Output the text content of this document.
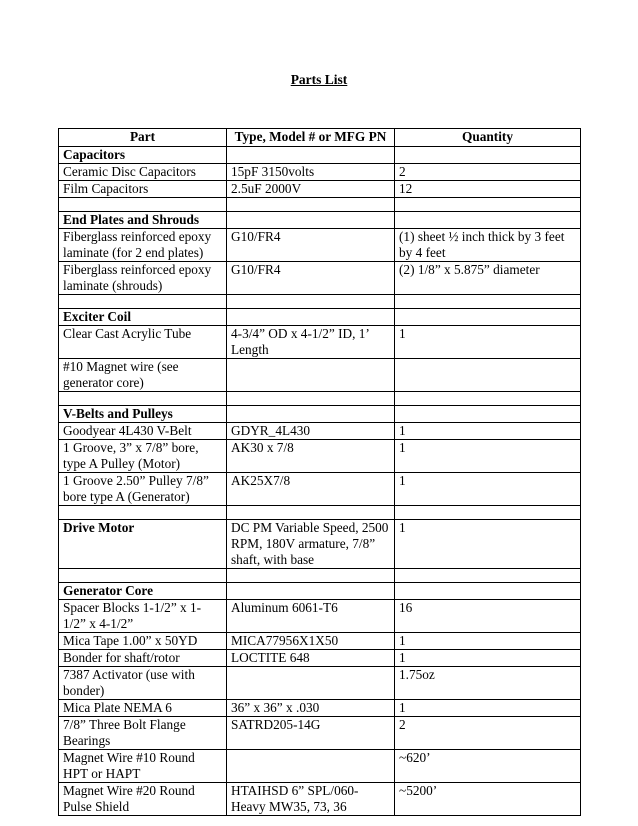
Parts List
Part	Type, Model # or MFG PN	Quantity
Capacitors		
Ceramic Disc Capacitors	15pF 3150volts	2
Film Capacitors	2.5uF 2000V	12

End Plates and Shrouds		
Fiberglass reinforced epoxy laminate (for 2 end plates)	G10/FR4	(1) sheet ½ inch thick by 3 feet by 4 feet
Fiberglass reinforced epoxy laminate (shrouds)	G10/FR4	(2) 1/8” x 5.875” diameter

Exciter Coil		
Clear Cast Acrylic Tube	4-3/4” OD x 4-1/2” ID, 1’ Length	1
#10 Magnet wire (see generator core)		

V-Belts and Pulleys		
Goodyear 4L430 V-Belt	GDYR_4L430	1
1 Groove, 3” x 7/8” bore, type A Pulley (Motor)	AK30 x 7/8	1
1 Groove 2.50” Pulley 7/8” bore type A (Generator)	AK25X7/8	1

Drive Motor	DC PM Variable Speed, 2500 RPM, 180V armature, 7/8” shaft, with base	1

Generator Core		
Spacer Blocks 1-1/2” x 1-1/2” x 4-1/2”	Aluminum 6061-T6	16
Mica Tape 1.00” x 50YD	MICA77956X1X50	1
Bonder for shaft/rotor	LOCTITE 648	1
7387 Activator (use with bonder)		1.75oz
Mica Plate NEMA 6	36” x 36” x .030	1
7/8” Three Bolt Flange Bearings	SATRD205-14G	2
Magnet Wire #10 Round HPT or HAPT		~620’
Magnet Wire #20 Round Pulse Shield	HTAIHSD 6” SPL/060-Heavy MW35, 73, 36	~5200’
